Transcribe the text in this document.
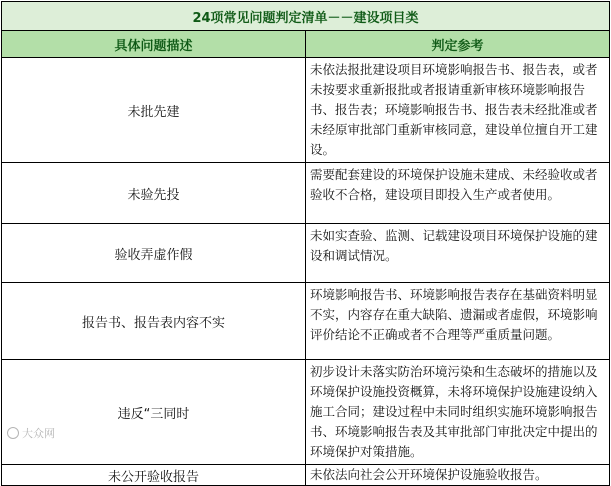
24项常见问题判定清单－－建设项目类	
具体问题描述	判定参考
未批先建	未依法报批建设项目环境影响报告书、报告表，或者未按要求重新报批或者报请重新审核环境影响报告书、报告表；环境影响报告书、报告表未经批准或者未经原审批部门重新审核同意，建设单位擅自开工建设。
未验先投	需要配套建设的环境保护设施未建成、未经验收或者验收不合格，建设项目即投入生产或者使用。
验收弄虚作假	未如实查验、监测、记载建设项目环境保护设施的建设和调试情况。
报告书、报告表内容不实	环境影响报告书、环境影响报告表存在基础资料明显不实，内容存在重大缺陷、遗漏或者虚假，环境影响评价结论不正确或者不合理等严重质量问题。
违反“三同时	初步设计未落实防治环境污染和生态破坏的措施以及环境保护设施投资概算，未将环境保护设施建设纳入施工合同；建设过程中未同时组织实施环境影响报告书、环境影响报告表及其审批部门审批决定中提出的环境保护对策措施。
未公开验收报告	未依法向社会公开环境保护设施验收报告。
大众网
